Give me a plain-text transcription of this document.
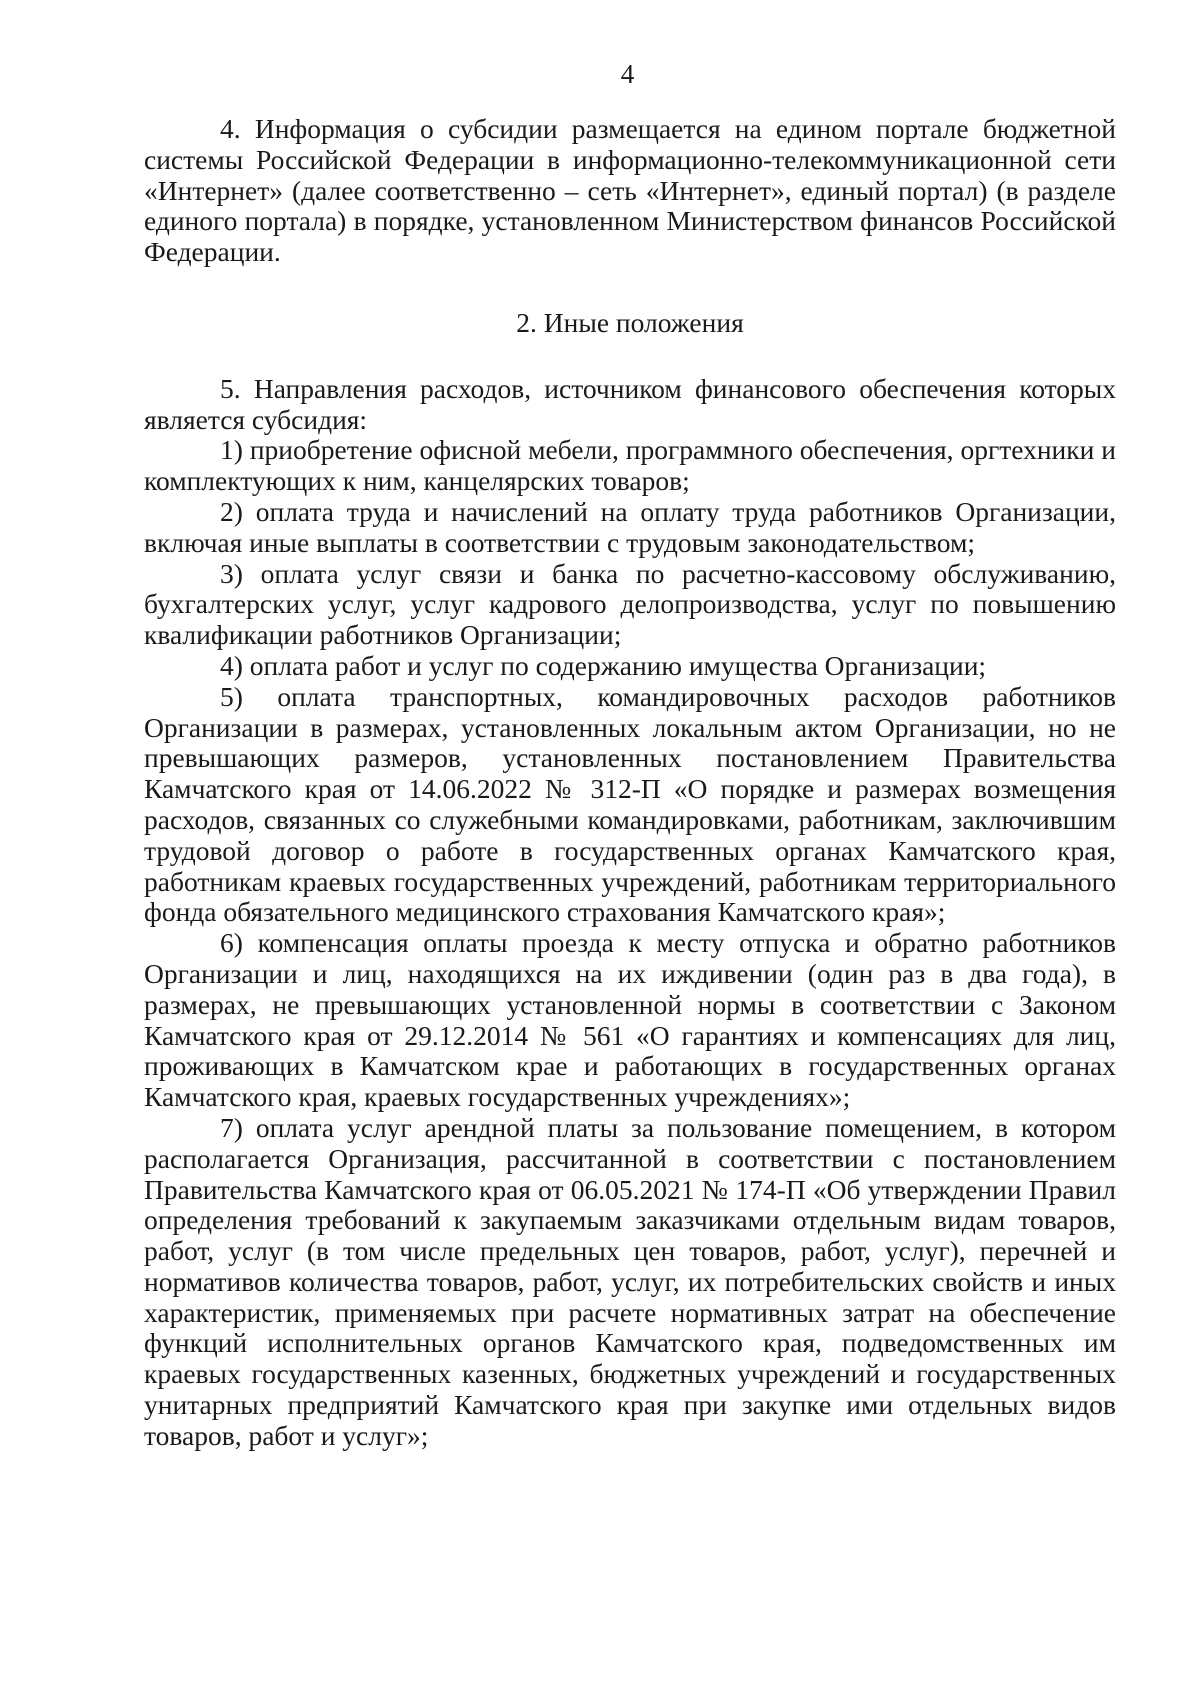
4

4. Информация о субсидии размещается на едином портале бюджетной системы Российской Федерации в информационно-телекоммуникационной сети «Интернет» (далее соответственно – сеть «Интернет», единый портал) (в разделе единого портала) в порядке, установленном Министерством финансов Российской Федерации.

2. Иные положения

5. Направления расходов, источником финансового обеспечения которых является субсидия:

1) приобретение офисной мебели, программного обеспечения, оргтехники и комплектующих к ним, канцелярских товаров;

2) оплата труда и начислений на оплату труда работников Организации, включая иные выплаты в соответствии с трудовым законодательством;

3) оплата услуг связи и банка по расчетно-кассовому обслуживанию, бухгалтерских услуг, услуг кадрового делопроизводства, услуг по повышению квалификации работников Организации;

4) оплата работ и услуг по содержанию имущества Организации;

5) оплата транспортных, командировочных расходов работников Организации в размерах, установленных локальным актом Организации, но не превышающих размеров, установленных постановлением Правительства Камчатского края от 14.06.2022 № 312-П «О порядке и размерах возмещения расходов, связанных со служебными командировками, работникам, заключившим трудовой договор о работе в государственных органах Камчатского края, работникам краевых государственных учреждений, работникам территориального фонда обязательного медицинского страхования Камчатского края»;

6) компенсация оплаты проезда к месту отпуска и обратно работников Организации и лиц, находящихся на их иждивении (один раз в два года), в размерах, не превышающих установленной нормы в соответствии с Законом Камчатского края от 29.12.2014 № 561 «О гарантиях и компенсациях для лиц, проживающих в Камчатском крае и работающих в государственных органах Камчатского края, краевых государственных учреждениях»;

7) оплата услуг арендной платы за пользование помещением, в котором располагается Организация, рассчитанной в соответствии с постановлением Правительства Камчатского края от 06.05.2021 № 174-П «Об утверждении Правил определения требований к закупаемым заказчиками отдельным видам товаров, работ, услуг (в том числе предельных цен товаров, работ, услуг), перечней и нормативов количества товаров, работ, услуг, их потребительских свойств и иных характеристик, применяемых при расчете нормативных затрат на обеспечение функций исполнительных органов Камчатского края, подведомственных им краевых государственных казенных, бюджетных учреждений и государственных унитарных предприятий Камчатского края при закупке ими отдельных видов товаров, работ и услуг»;
